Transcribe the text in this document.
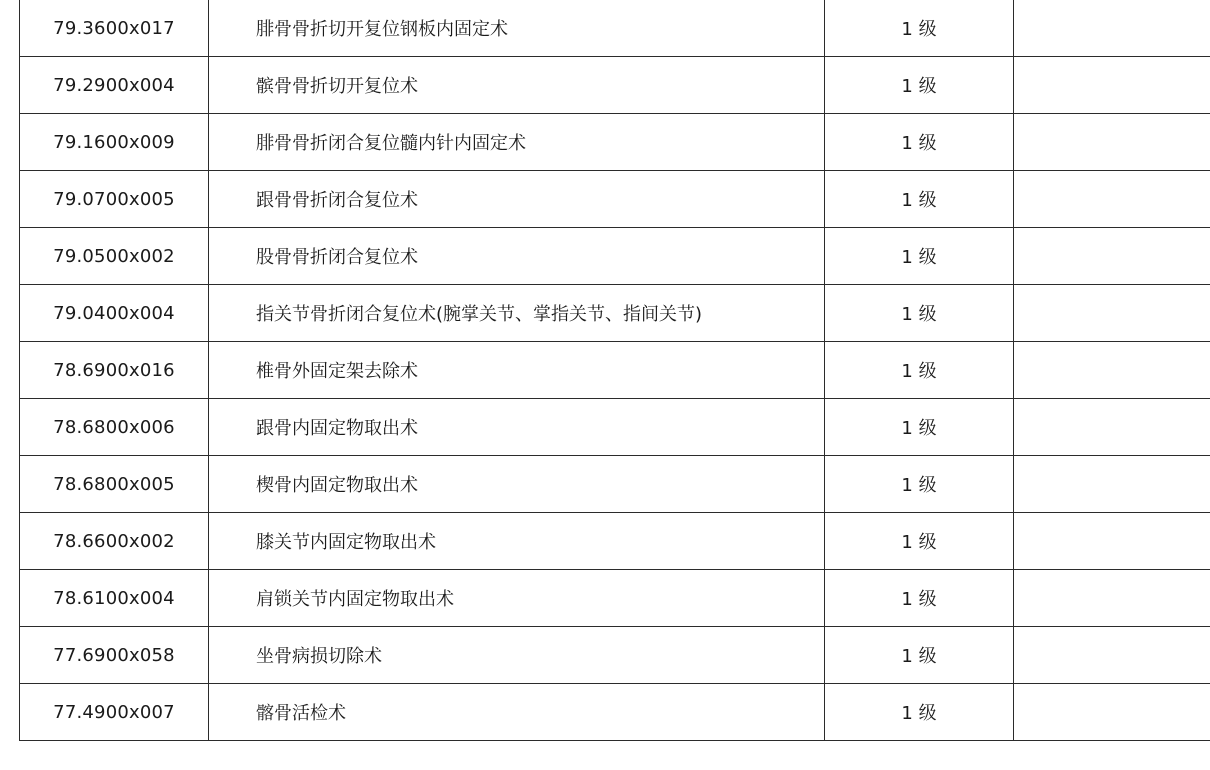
79.3600x017	腓骨骨折切开复位钢板内固定术	1 级	
79.2900x004	髌骨骨折切开复位术	1 级	
79.1600x009	腓骨骨折闭合复位髓内针内固定术	1 级	
79.0700x005	跟骨骨折闭合复位术	1 级	
79.0500x002	股骨骨折闭合复位术	1 级	
79.0400x004	指关节骨折闭合复位术(腕掌关节、掌指关节、指间关节)	1 级	
78.6900x016	椎骨外固定架去除术	1 级	
78.6800x006	跟骨内固定物取出术	1 级	
78.6800x005	楔骨内固定物取出术	1 级	
78.6600x002	膝关节内固定物取出术	1 级	
78.6100x004	肩锁关节内固定物取出术	1 级	
77.6900x058	坐骨病损切除术	1 级	
77.4900x007	髂骨活检术	1 级	
